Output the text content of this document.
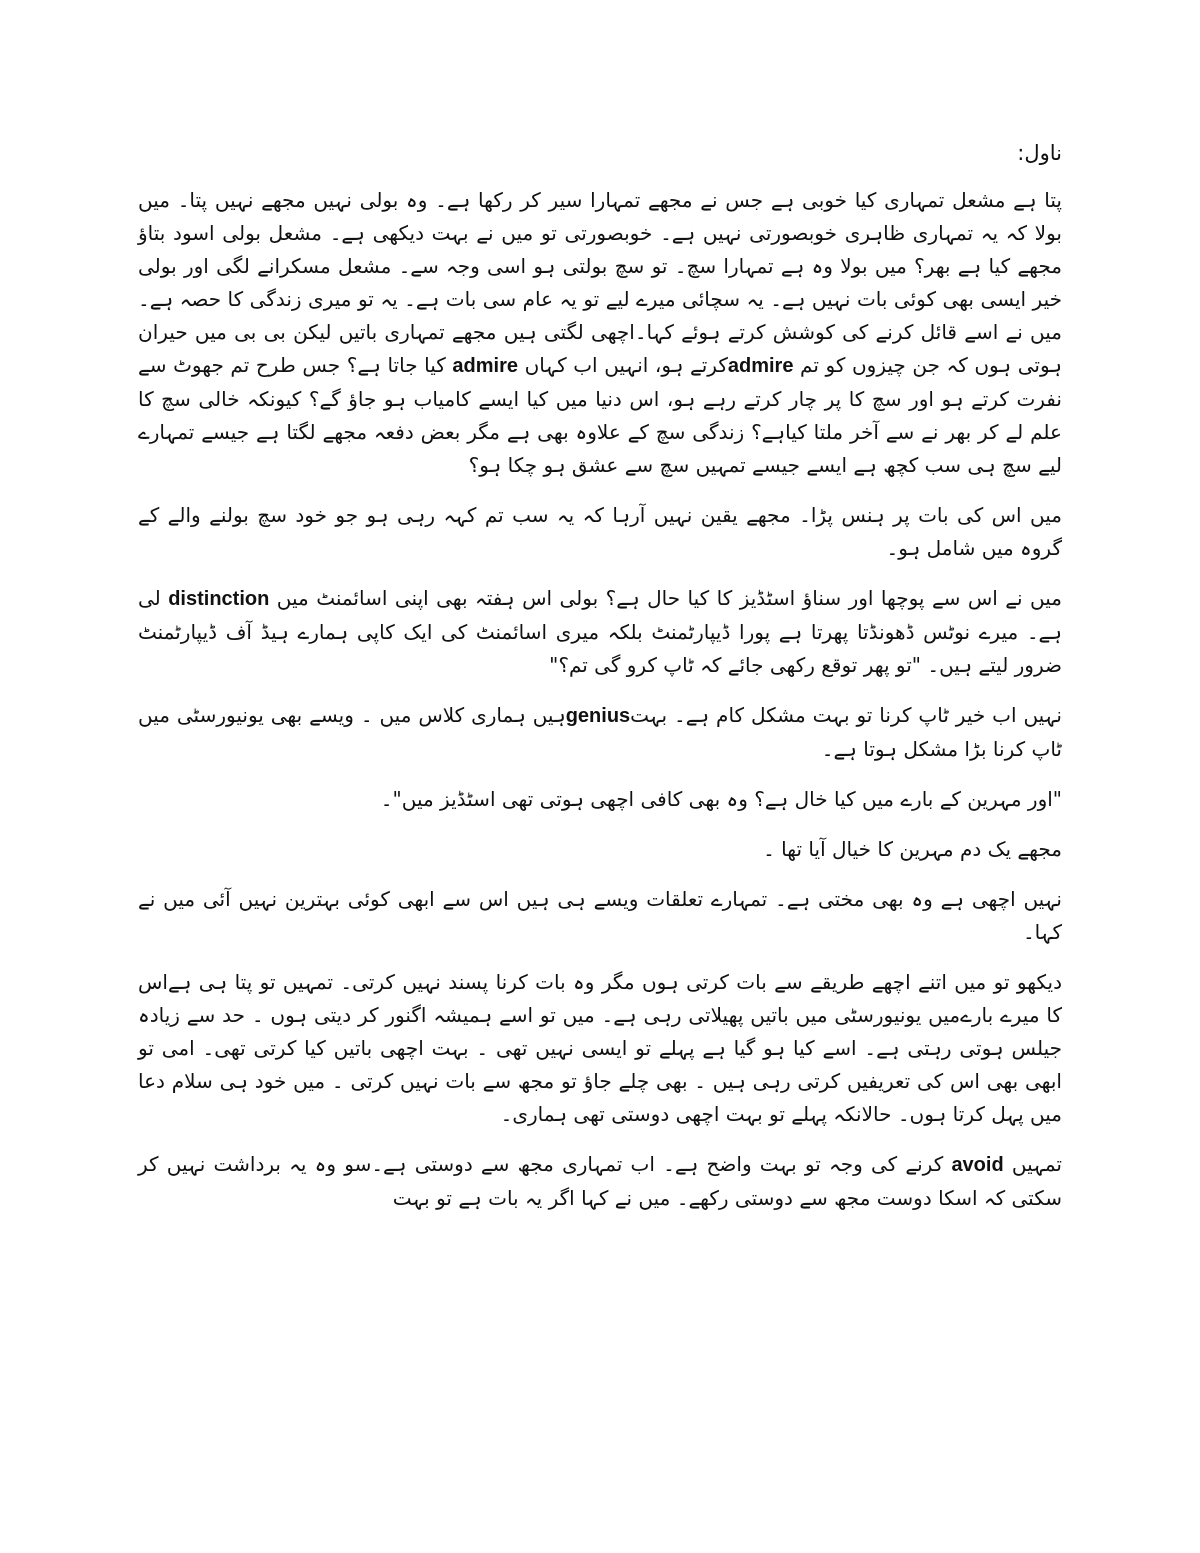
ناول:

پتا ہے مشعل تمہاری کیا خوبی ہے جس نے مجھے تمہارا سیر کر رکھا ہے۔ وہ بولی نہیں مجھے نہیں پتا۔ میں بولا کہ یہ تمہاری ظاہری خوبصورتی نہیں ہے۔ خوبصورتی تو میں نے بہت دیکھی ہے۔ مشعل بولی اسود بتاؤ مجھے کیا ہے بھر؟ میں بولا وہ ہے تمہارا سچ۔ تو سچ بولتی ہو اسی وجہ سے۔ مشعل مسکرانے لگی اور بولی خیر ایسی بھی کوئی بات نہیں ہے۔ یہ سچائی میرے لیے تو یہ عام سی بات ہے۔ یہ تو میری زندگی کا حصہ ہے۔ میں نے اسے قائل کرنے کی کوشش کرتے ہوئے کہا۔اچھی لگتی ہیں مجھے تمہاری باتیں لیکن بی بی میں حیران ہوتی ہوں کہ جن چیزوں کو تم admireکرتے ہو، انہیں اب کہاں admire کیا جاتا ہے؟ جس طرح تم جھوٹ سے نفرت کرتے ہو اور سچ کا پر چار کرتے رہے ہو، اس دنیا میں کیا ایسے کامیاب ہو جاؤ گے؟ کیونکہ خالی سچ کا علم لے کر بھر نے سے آخر ملتا کیاہے؟ زندگی سچ کے علاوہ بھی ہے مگر بعض دفعہ مجھے لگتا ہے جیسے تمہارے لیے سچ ہی سب کچھ ہے ایسے جیسے تمہیں سچ سے عشق ہو چکا ہو؟

میں اس کی بات پر ہنس پڑا۔ مجھے یقین نہیں آرہا کہ یہ سب تم کہہ رہی ہو جو خود سچ بولنے والے کے گروہ میں شامل ہو۔

میں نے اس سے پوچھا اور سناؤ اسٹڈیز کا کیا حال ہے؟ بولی اس ہفتہ بھی اپنی اسائمنٹ میں distinction لی ہے۔ میرے نوٹس ڈھونڈتا پھرتا ہے پورا ڈیپارٹمنٹ بلکہ میری اسائمنٹ کی ایک کاپی ہمارے ہیڈ آف ڈیپارٹمنٹ ضرور لیتے ہیں۔ "تو پھر توقع رکھی جائے کہ ٹاپ کرو گی تم؟"

نہیں اب خیر ٹاپ کرنا تو بہت مشکل کام ہے۔ بہتgeniusہیں ہماری کلاس میں ۔ ویسے بھی یونیورسٹی میں ٹاپ کرنا بڑا مشکل ہوتا ہے۔

"اور مہرین کے بارے میں کیا خال ہے؟ وہ بھی کافی اچھی ہوتی تھی اسٹڈیز میں"۔

مجھے یک دم مہرین کا خیال آیا تھا ۔

نہیں اچھی ہے وہ بھی مختی ہے۔ تمہارے تعلقات ویسے ہی ہیں اس سے ابھی کوئی بہترین نہیں آئی میں نے کہا۔

دیکھو تو میں اتنے اچھے طریقے سے بات کرتی ہوں مگر وہ بات کرنا پسند نہیں کرتی۔ تمہیں تو پتا ہی ہےاس کا میرے بارےمیں یونیورسٹی میں باتیں پھیلاتی رہی ہے۔ میں تو اسے ہمیشہ اگنور کر دیتی ہوں ۔ حد سے زیادہ جیلس ہوتی رہتی ہے۔ اسے کیا ہو گیا ہے پہلے تو ایسی نہیں تھی ۔ بہت اچھی باتیں کیا کرتی تھی۔ امی تو ابھی بھی اس کی تعریفیں کرتی رہی ہیں ۔ بھی چلے جاؤ تو مجھ سے بات نہیں کرتی ۔ میں خود ہی سلام دعا میں پہل کرتا ہوں۔ حالانکہ پہلے تو بہت اچھی دوستی تھی ہماری۔

تمہیں avoid کرنے کی وجہ تو بہت واضح ہے۔ اب تمہاری مجھ سے دوستی ہے۔سو وہ یہ برداشت نہیں کر سکتی کہ اسکا دوست مجھ سے دوستی رکھے۔ میں نے کہا اگر یہ بات ہے تو بہت
